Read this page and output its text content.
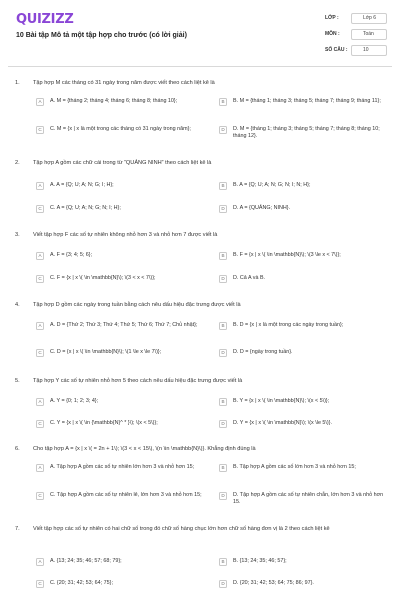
QUIZIZZ
10 Bài tập Mô tả một tập hợp cho trước (có lời giải)
LỚP :	Lớp 6
MÔN :	Toán
SỐ CÂU :	10
1. Tập hợp M các tháng có 31 ngày trong năm được viết theo cách liệt kê là
A	A. M = {tháng 2; tháng 4; tháng 6; tháng 8; tháng 10};	B	B. M = {tháng 1; tháng 3; tháng 5; tháng 7; tháng 9; tháng 11};
C	C. M = {x | x là một trong các tháng có 31 ngày trong năm};	D	D. M = {tháng 1; tháng 3; tháng 5; tháng 7; tháng 8; tháng 10; tháng 12}.
2. Tập hợp A gồm các chữ cái trong từ “QUẢNG NINH” theo cách liệt kê là
A	A. A = {Q; U; A; N; G; I; H};	B	B. A = {Q; U; A; N; G; N; I; N; H};
C	C. A = {Q; U; A; N; G; N; I; H};	D	D. A = {QUẢNG; NINH}.
3. Viết tập hợp F các số tự nhiên không nhỏ hơn 3 và nhỏ hơn 7 được viết là
A	A. F = {3; 4; 5; 6};	B	B. F = {x | x \( \in \mathbb{N}\); \(3 \le x < 7\)};
C	C. F = {x | x \( \in \mathbb{N}\); \(3 < x < 7\)};	D	D. Cả A và B.
4. Tập hợp D gồm các ngày trong tuần bằng cách nêu dấu hiệu đặc trưng được viết là
A	A. D = {Thứ 2; Thứ 3; Thứ 4; Thứ 5; Thứ 6; Thứ 7; Chủ nhật};	B	B. D = {x | x là một trong các ngày trong tuần};
C	C. D = {x | x \( \in \mathbb{N}\); \(1 \le x \le 7\)};	D	D. D = {ngày trong tuần}.
5. Tập hợp Y các số tự nhiên nhỏ hơn 5 theo cách nêu dấu hiệu đặc trưng được viết là
A	A. Y = {0; 1; 2; 3; 4};	B	B. Y = {x | x \( \in \mathbb{N}\); \(x < 5\)};
C	C. Y = {x | x \( \in {\mathbb{N}^ * }\); \(x < 5\)};	D	D. Y = {x | x \( \in \mathbb{N}\); \(x \le 5\)}.
6. Cho tập hợp A = {x | x \( = 2n + 1\); \(3 < x < 15\), \(n \in \mathbb{N}\)}. Khẳng định đúng là
A	A. Tập hợp A gồm các số tự nhiên lớn hơn 3 và nhỏ hơn 15;	B	B. Tập hợp A gồm các số lớn hơn 3 và nhỏ hơn 15;
C	C. Tập hợp A gồm các số tự nhiên lẻ, lớn hơn 3 và nhỏ hơn 15;	D	D. Tập hợp A gồm các số tự nhiên chẵn, lớn hơn 3 và nhỏ hơn 15.
7. Viết tập hợp các số tự nhiên có hai chữ số trong đó chữ số hàng chục lớn hơn chữ số hàng đơn vị là 2 theo cách liệt kê
A	A. {13; 24; 35; 46; 57; 68; 79};	B	B. {13; 24; 35; 46; 57};
C	C. {20; 31; 42; 53; 64; 75};	D	D. {20; 31; 42; 53; 64; 75; 86; 97}.
